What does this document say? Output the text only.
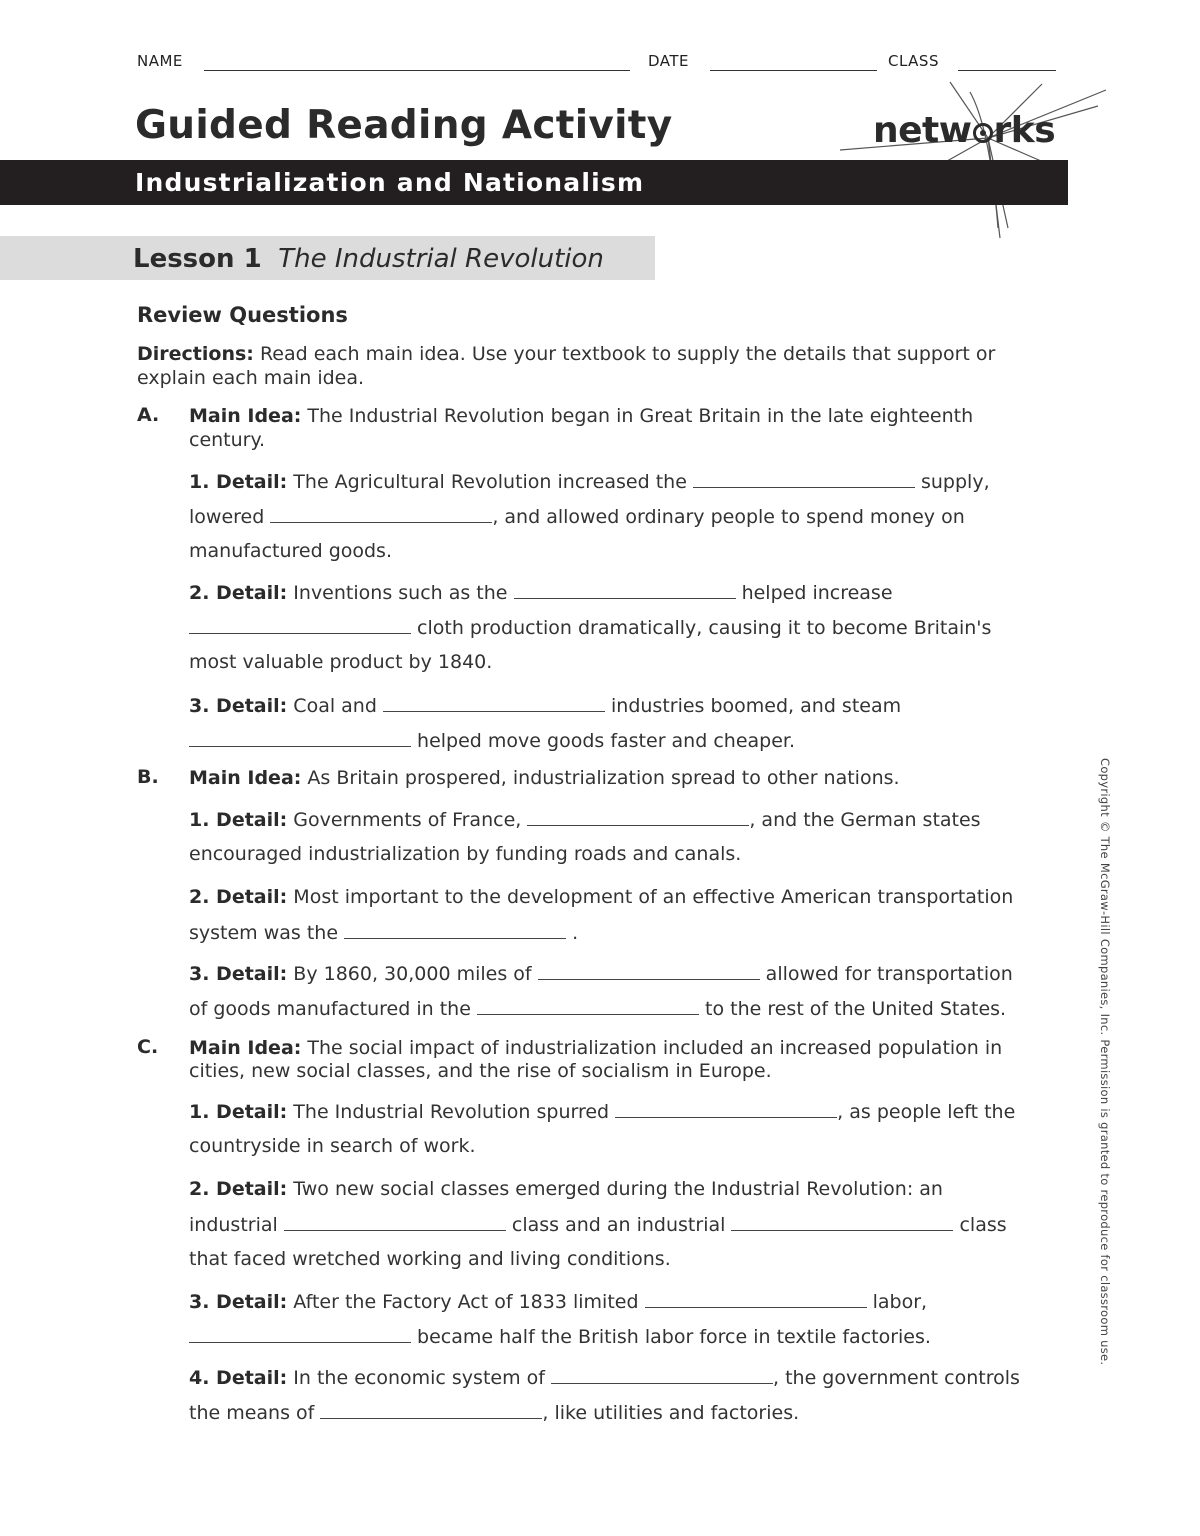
NAME	DATE	CLASS
Guided Reading Activity	netw rks
Industrialization and Nationalism
Lesson 1 The Industrial Revolution
Review Questions
Directions: Read each main idea. Use your textbook to supply the details that support or
explain each main idea.
A. Main Idea: The Industrial Revolution began in Great Britain in the late eighteenth
century.
1. Detail: The Agricultural Revolution increased the	supply,
lowered	, and allowed ordinary people to spend money on
manufactured goods.
2. Detail: Inventions such as the	helped increase
cloth production dramatically, causing it to become Britain's
most valuable product by 1840.
3. Detail: Coal and	industries boomed, and steam
helped move goods faster and cheaper.
B. Main Idea: As Britain prospered, industrialization spread to other nations.
1. Detail: Governments of France,	, and the German states
encouraged industrialization by funding roads and canals.
2. Detail: Most important to the development of an effective American transportation
system was the	.
3. Detail: By 1860, 30,000 miles of	allowed for transportation
of goods manufactured in the	to the rest of the United States.
C. Main Idea: The social impact of industrialization included an increased population in
cities, new social classes, and the rise of socialism in Europe.
1. Detail: The Industrial Revolution spurred	, as people left the
countryside in search of work.
2. Detail: Two new social classes emerged during the Industrial Revolution: an
industrial	class and an industrial	class
that faced wretched working and living conditions.
3. Detail: After the Factory Act of 1833 limited	labor,
became half the British labor force in textile factories.
4. Detail: In the economic system of	, the government controls
the means of	, like utilities and factories.
Copyright © The McGraw-Hill Companies, Inc. Permission is granted to reproduce for classroom use.
